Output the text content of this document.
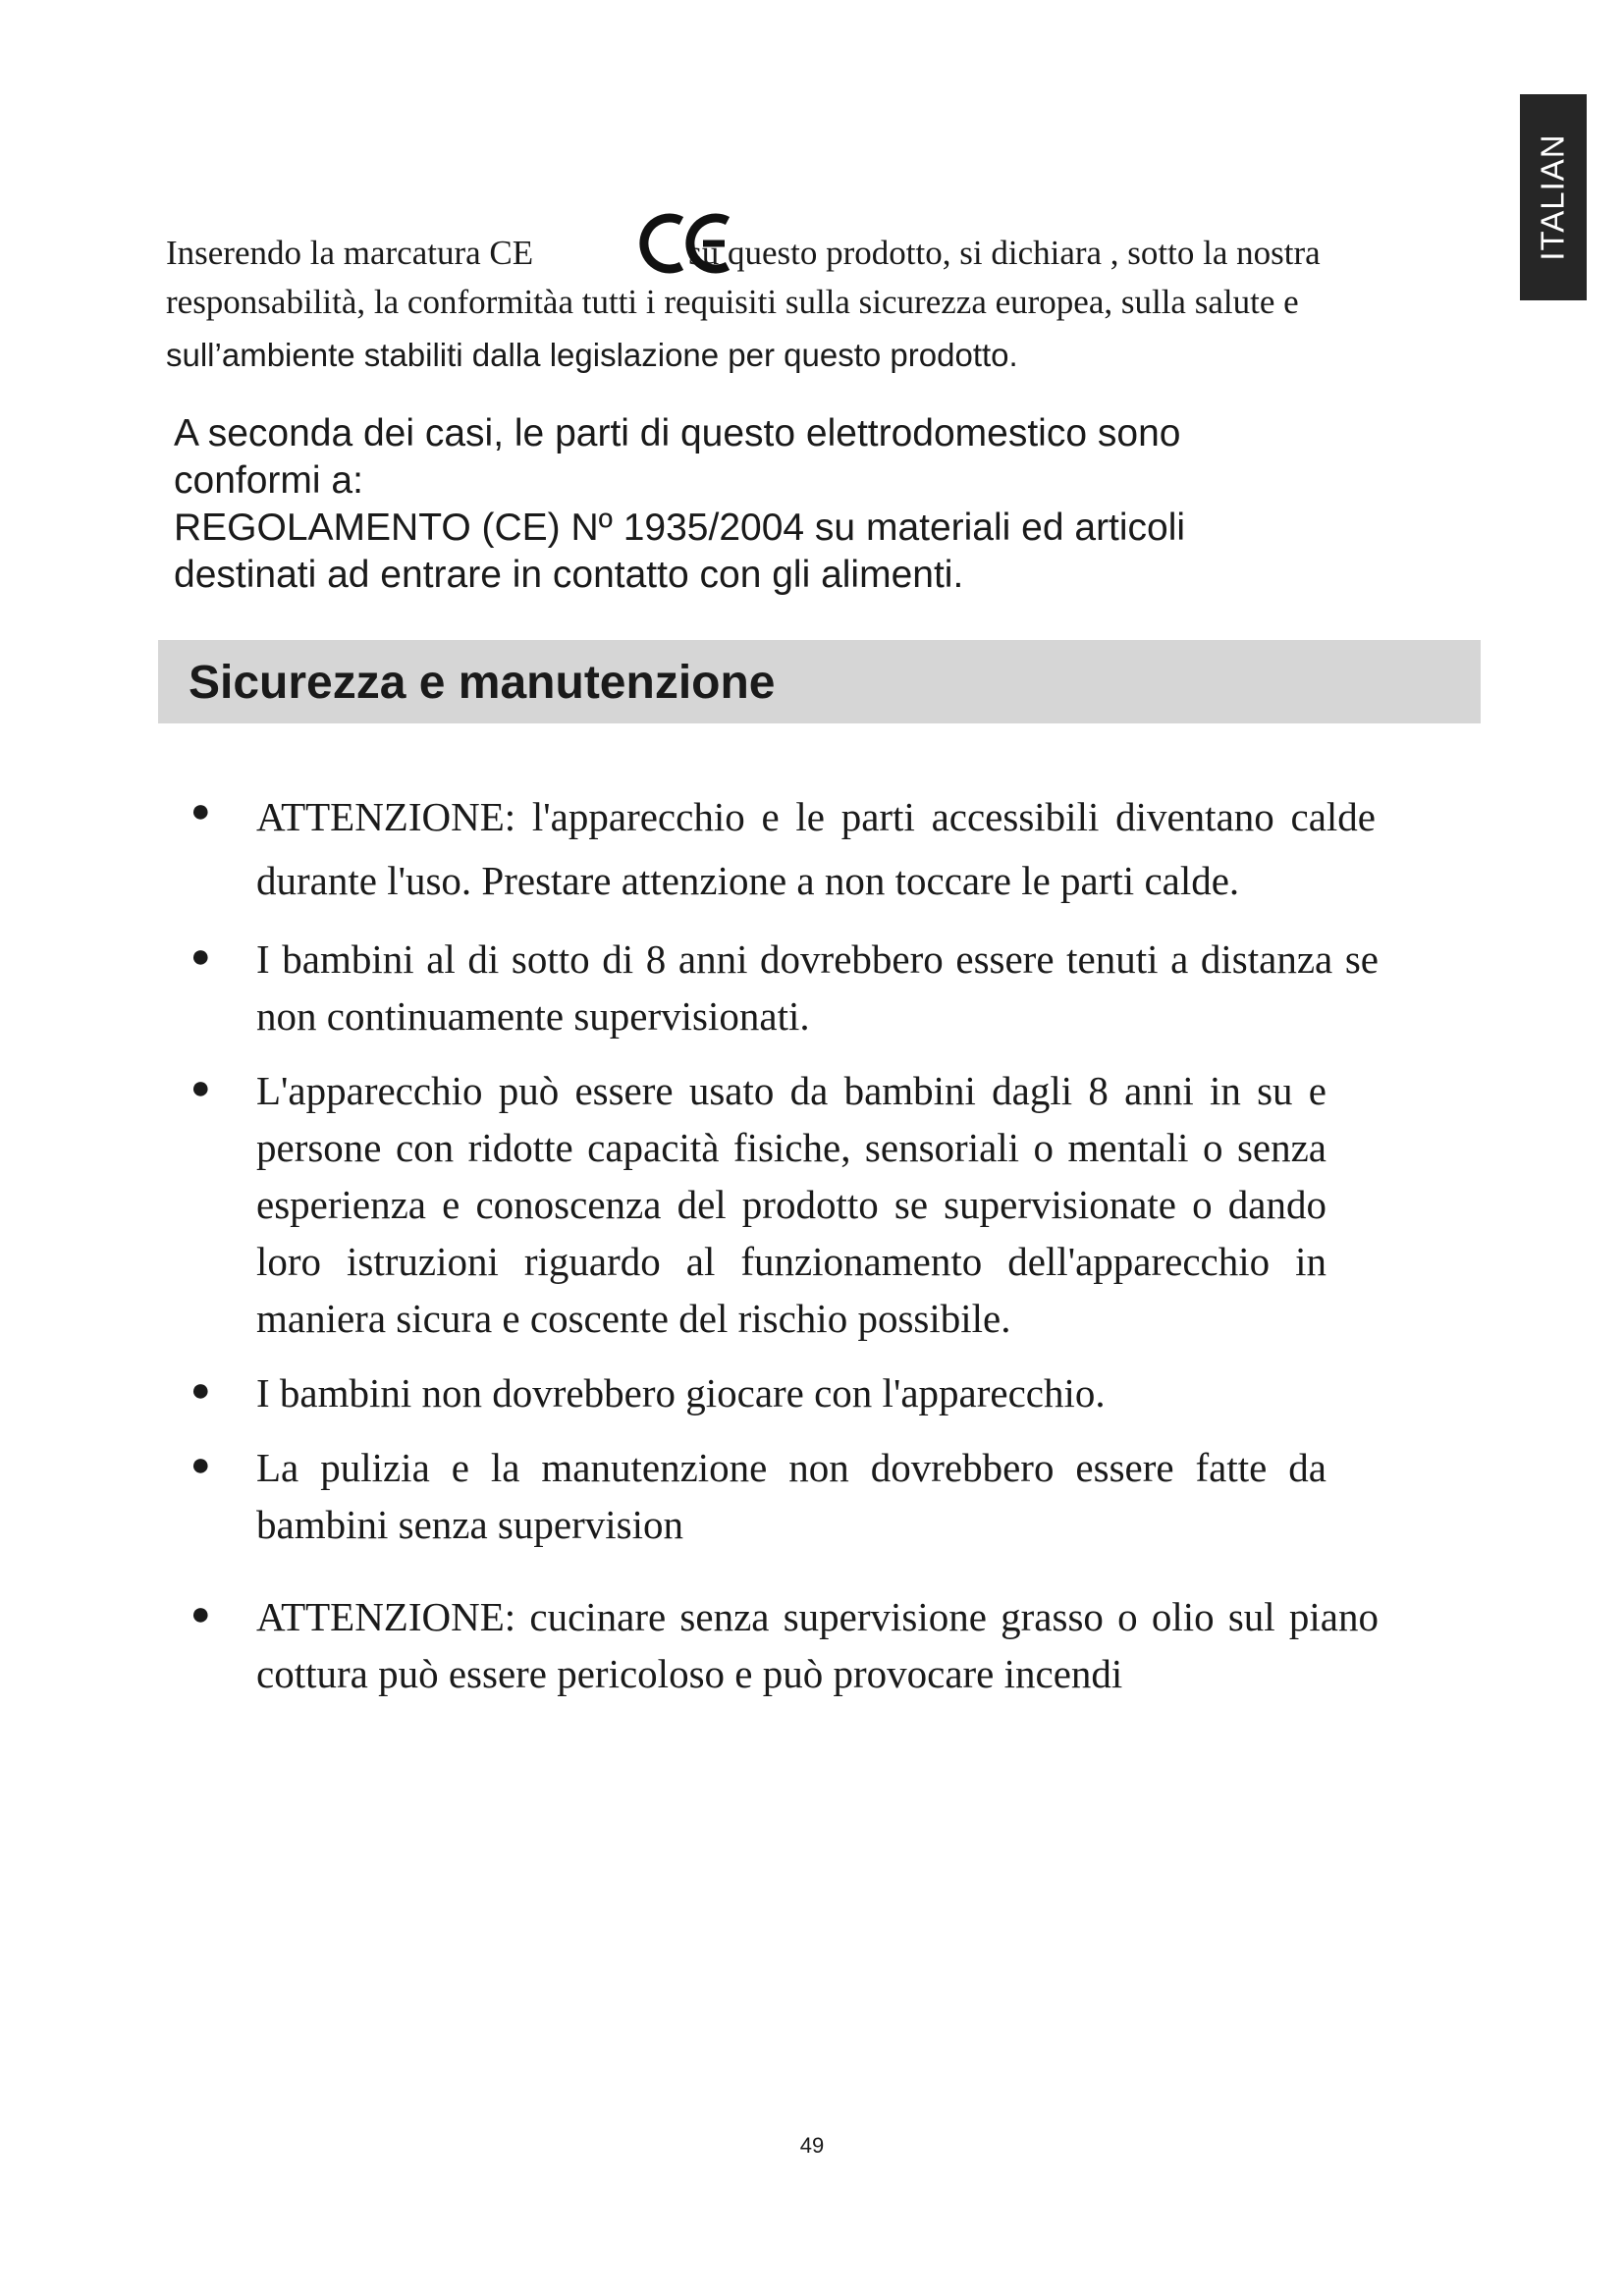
ITALIAN
Inserendo la marcatura CE	su questo prodotto, si dichiara , sotto la nostra
responsabilità, la conformitàa tutti i requisiti sulla sicurezza europea, sulla salute e
sull’ambiente stabiliti dalla legislazione per questo prodotto.

A seconda dei casi, le parti di questo elettrodomestico sono conformi a:

REGOLAMENTO (CE) Nº 1935/2004 su materiali ed articoli destinati ad entrare in contatto con gli alimenti.

Sicurezza e manutenzione
● ATTENZIONE: l'apparecchio e le parti accessibili diventano calde durante l'uso. Prestare attenzione a non toccare le parti calde.
● I bambini al di sotto di 8 anni dovrebbero essere tenuti a distanza se non continuamente supervisionati.
● L'apparecchio può essere usato da bambini dagli 8 anni in su e persone con ridotte capacità fisiche, sensoriali o mentali o senza esperienza e conoscenza del prodotto se supervisionate o dando loro istruzioni riguardo al funzionamento dell'apparecchio in maniera sicura e coscente del rischio possibile.
● I bambini non dovrebbero giocare con l'apparecchio.
● La pulizia e la manutenzione non dovrebbero essere fatte da bambini senza supervision
● ATTENZIONE: cucinare senza supervisione grasso o olio sul piano cottura può essere pericoloso e può provocare incendi
49
